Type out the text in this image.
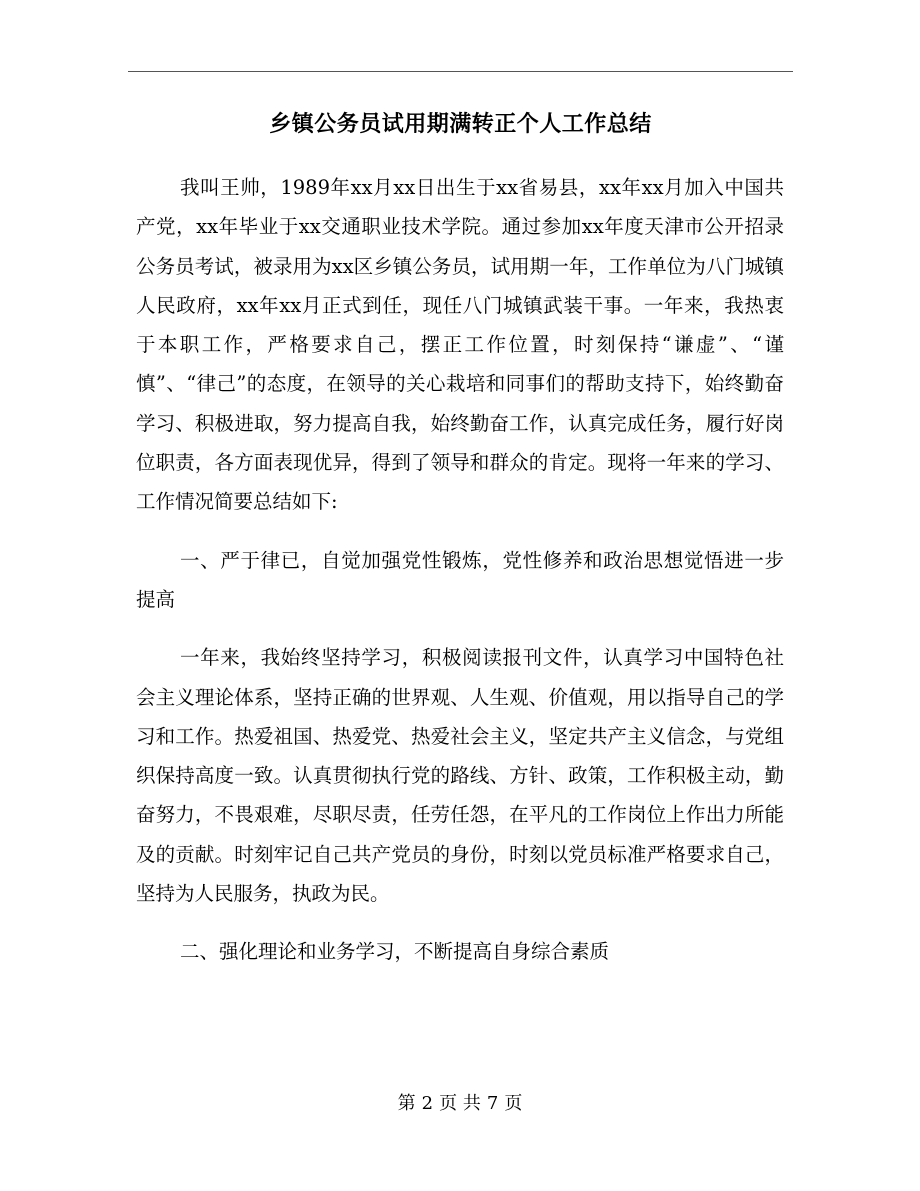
乡镇公务员试用期满转正个人工作总结

我叫王帅，1989年xx月xx日出生于xx省易县，xx年xx月加入中国共产党，xx年毕业于xx交通职业技术学院。通过参加xx年度天津市公开招录公务员考试，被录用为xx区乡镇公务员，试用期一年，工作单位为八门城镇人民政府，xx年xx月正式到任，现任八门城镇武装干事。一年来，我热衷于本职工作，严格要求自己，摆正工作位置，时刻保持“谦虚”、“谨慎”、“律己”的态度，在领导的关心栽培和同事们的帮助支持下，始终勤奋学习、积极进取，努力提高自我，始终勤奋工作，认真完成任务，履行好岗位职责，各方面表现优异，得到了领导和群众的肯定。现将一年来的学习、工作情况简要总结如下:

一、严于律已，自觉加强党性锻炼，党性修养和政治思想觉悟进一步提高

一年来，我始终坚持学习，积极阅读报刊文件，认真学习中国特色社会主义理论体系，坚持正确的世界观、人生观、价值观，用以指导自己的学习和工作。热爱祖国、热爱党、热爱社会主义，坚定共产主义信念，与党组织保持高度一致。认真贯彻执行党的路线、方针、政策，工作积极主动，勤奋努力，不畏艰难，尽职尽责，任劳任怨，在平凡的工作岗位上作出力所能及的贡献。时刻牢记自己共产党员的身份，时刻以党员标准严格要求自己，坚持为人民服务，执政为民。

二、强化理论和业务学习，不断提高自身综合素质

第 2 页 共 7 页
